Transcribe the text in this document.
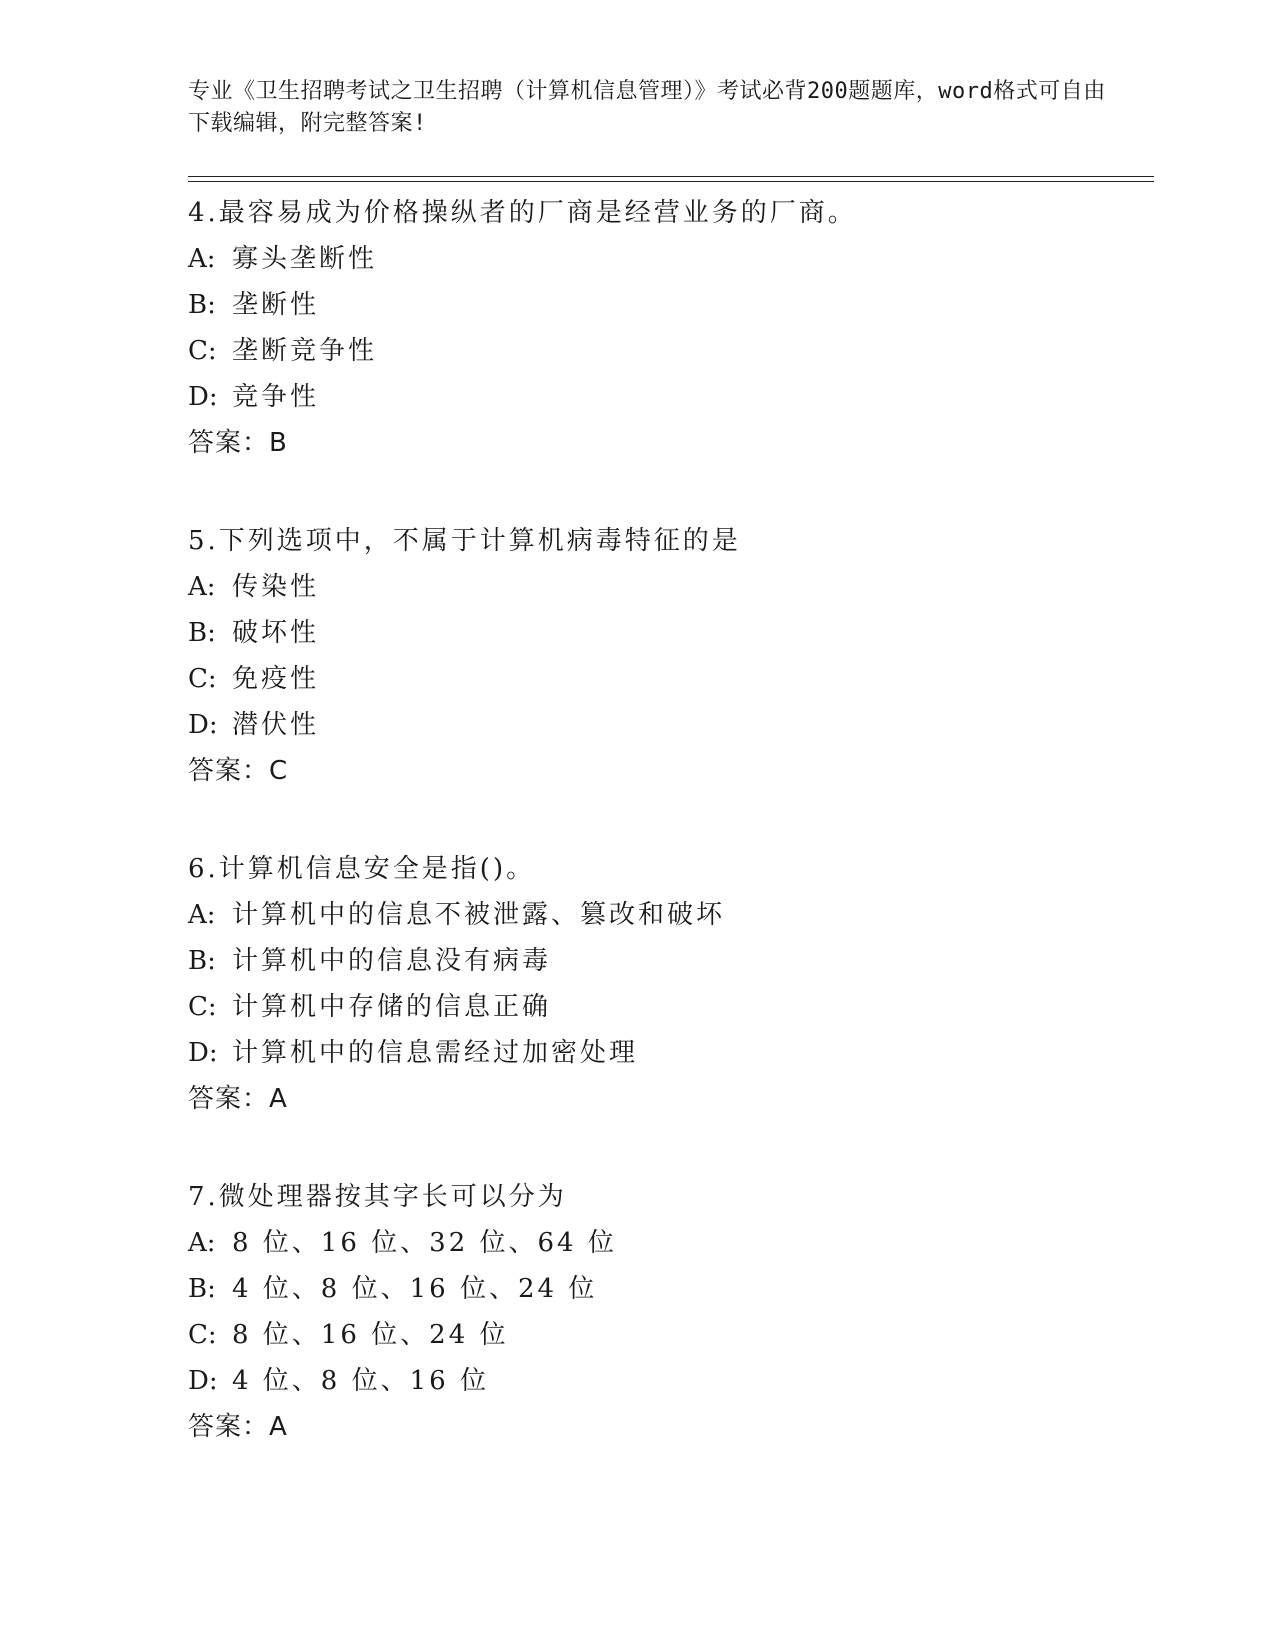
专业《卫生招聘考试之卫生招聘（计算机信息管理）》考试必背200题题库，word格式可自由下载编辑，附完整答案!
4.最容易成为价格操纵者的厂商是经营业务的厂商。
A: 寡头垄断性
B: 垄断性
C: 垄断竞争性
D: 竞争性
答案：B
5.下列选项中，不属于计算机病毒特征的是
A: 传染性
B: 破坏性
C: 免疫性
D: 潜伏性
答案：C
6.计算机信息安全是指()。
A: 计算机中的信息不被泄露、篡改和破坏
B: 计算机中的信息没有病毒
C: 计算机中存储的信息正确
D: 计算机中的信息需经过加密处理
答案：A
7.微处理器按其字长可以分为
A: 8 位、16 位、32 位、64 位
B: 4 位、8 位、16 位、24 位
C: 8 位、16 位、24 位
D: 4 位、8 位、16 位
答案：A
